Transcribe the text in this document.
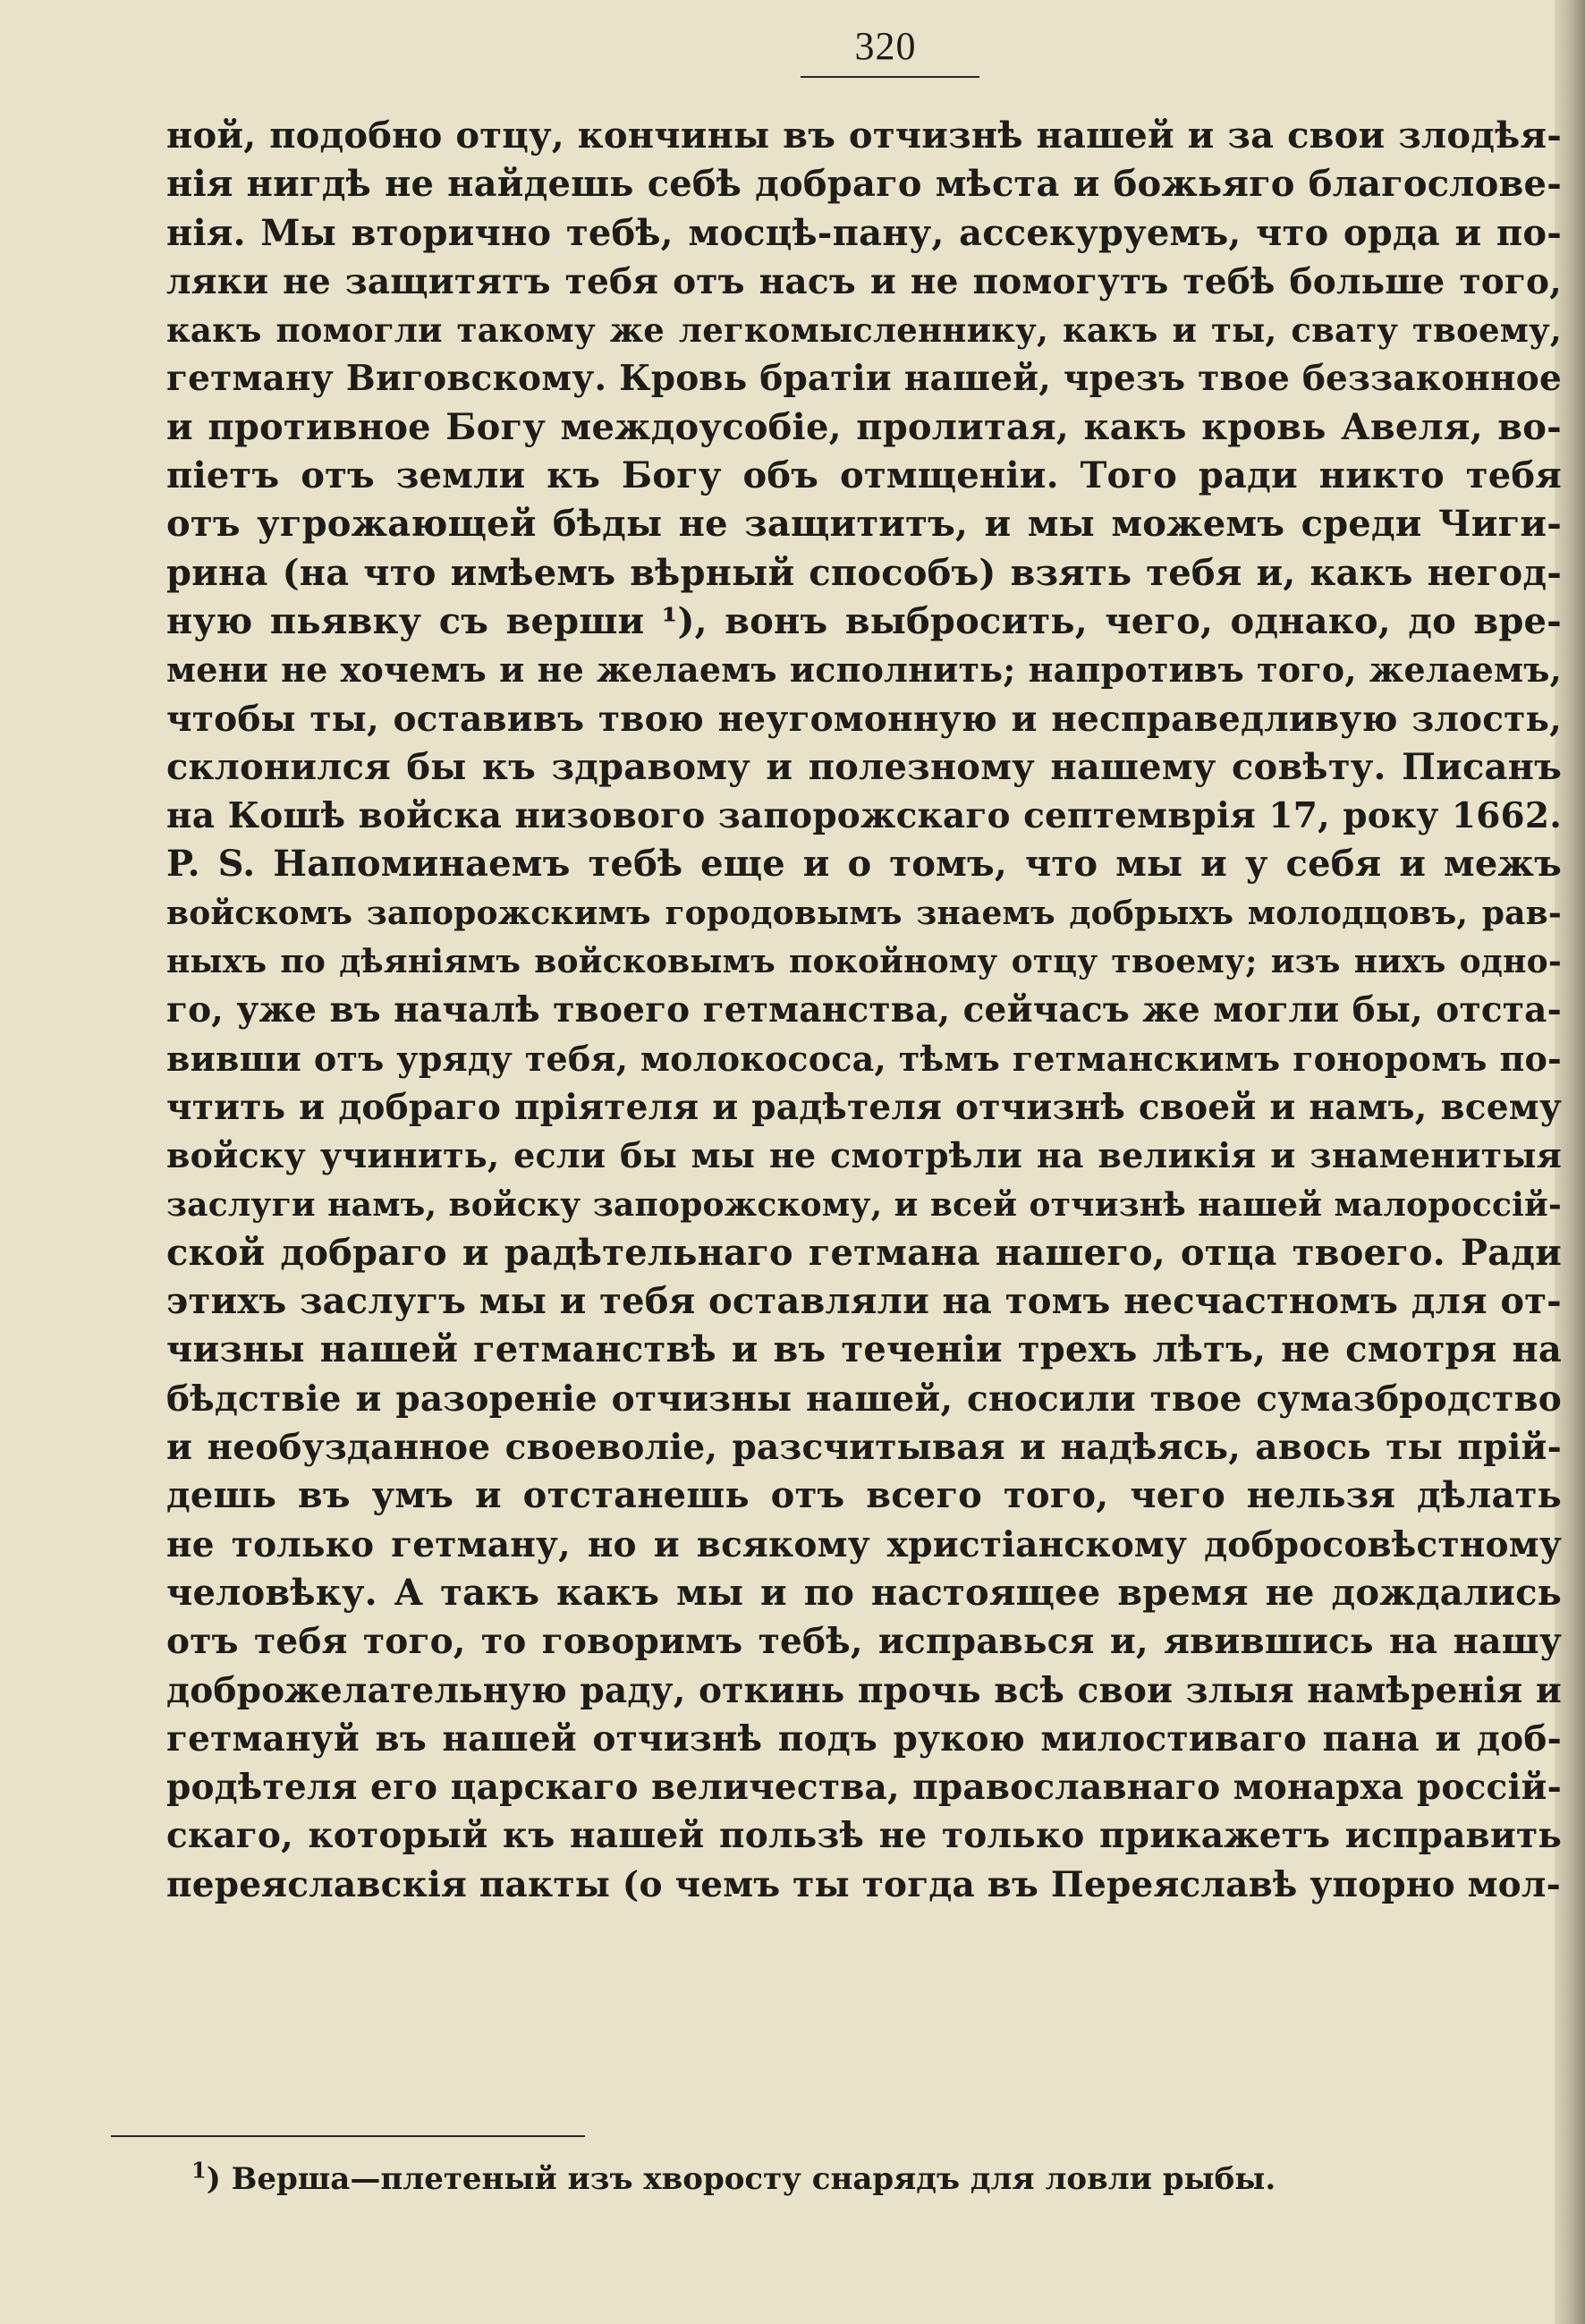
320
ной, подобно отцу, кончины въ отчизнѣ нашей и за свои злодѣя-
нія нигдѣ не найдешь себѣ добраго мѣста и божьяго благослове-
нія. Мы вторично тебѣ, мосцѣ-пану, ассекуруемъ, что орда и по-
ляки не защитятъ тебя отъ насъ и не помогутъ тебѣ больше того,
какъ помогли такому же легкомысленнику, какъ и ты, свату твоему,
гетману Виговскому. Кровь братіи нашей, чрезъ твое беззаконное
и противное Богу междоусобіе, пролитая, какъ кровь Авеля, во-
піетъ отъ земли къ Богу объ отмщеніи. Того ради никто тебя
отъ угрожающей бѣды не защититъ, и мы можемъ среди Чиги-
рина (на что имѣемъ вѣрный способъ) взять тебя и, какъ негод-
ную пьявку съ верши ¹), вонъ выбросить, чего, однако, до вре-
мени не хочемъ и не желаемъ исполнить; напротивъ того, желаемъ,
чтобы ты, оставивъ твою неугомонную и несправедливую злость,
склонился бы къ здравому и полезному нашему совѣту. Писанъ
на Кошѣ войска низового запорожскаго септемврія 17, року 1662.
P. S. Напоминаемъ тебѣ еще и о томъ, что мы и у себя и межъ
войскомъ запорожскимъ городовымъ знаемъ добрыхъ молодцовъ, рав-
ныхъ по дѣяніямъ войсковымъ покойному отцу твоему; изъ нихъ одно-
го, уже въ началѣ твоего гетманства, сейчасъ же могли бы, отста-
вивши отъ уряду тебя, молокососа, тѣмъ гетманскимъ гоноромъ по-
чтить и добраго пріятеля и радѣтеля отчизнѣ своей и намъ, всему
войску учинить, если бы мы не смотрѣли на великія и знаменитыя
заслуги намъ, войску запорожскому, и всей отчизнѣ нашей малороссій-
ской добраго и радѣтельнаго гетмана нашего, отца твоего. Ради
этихъ заслугъ мы и тебя оставляли на томъ несчастномъ для от-
чизны нашей гетманствѣ и въ теченіи трехъ лѣтъ, не смотря на
бѣдствіе и разореніе отчизны нашей, сносили твое сумазбродство
и необузданное своеволіе, разсчитывая и надѣясь, авось ты прій-
дешь въ умъ и отстанешь отъ всего того, чего нельзя дѣлать
не только гетману, но и всякому христіанскому добросовѣстному
человѣку. А такъ какъ мы и по настоящее время не дождались
отъ тебя того, то говоримъ тебѣ, исправься и, явившись на нашу
доброжелательную раду, откинь прочь всѣ свои злыя намѣренія и
гетмануй въ нашей отчизнѣ подъ рукою милостиваго пана и доб-
родѣтеля его царскаго величества, православнаго монарха россій-
скаго, который къ нашей пользѣ не только прикажетъ исправить
переяславскія пакты (о чемъ ты тогда въ Переяславѣ упорно мол-
$^1$) Верша—плетеный изъ хворосту снарядъ для ловли рыбы.
